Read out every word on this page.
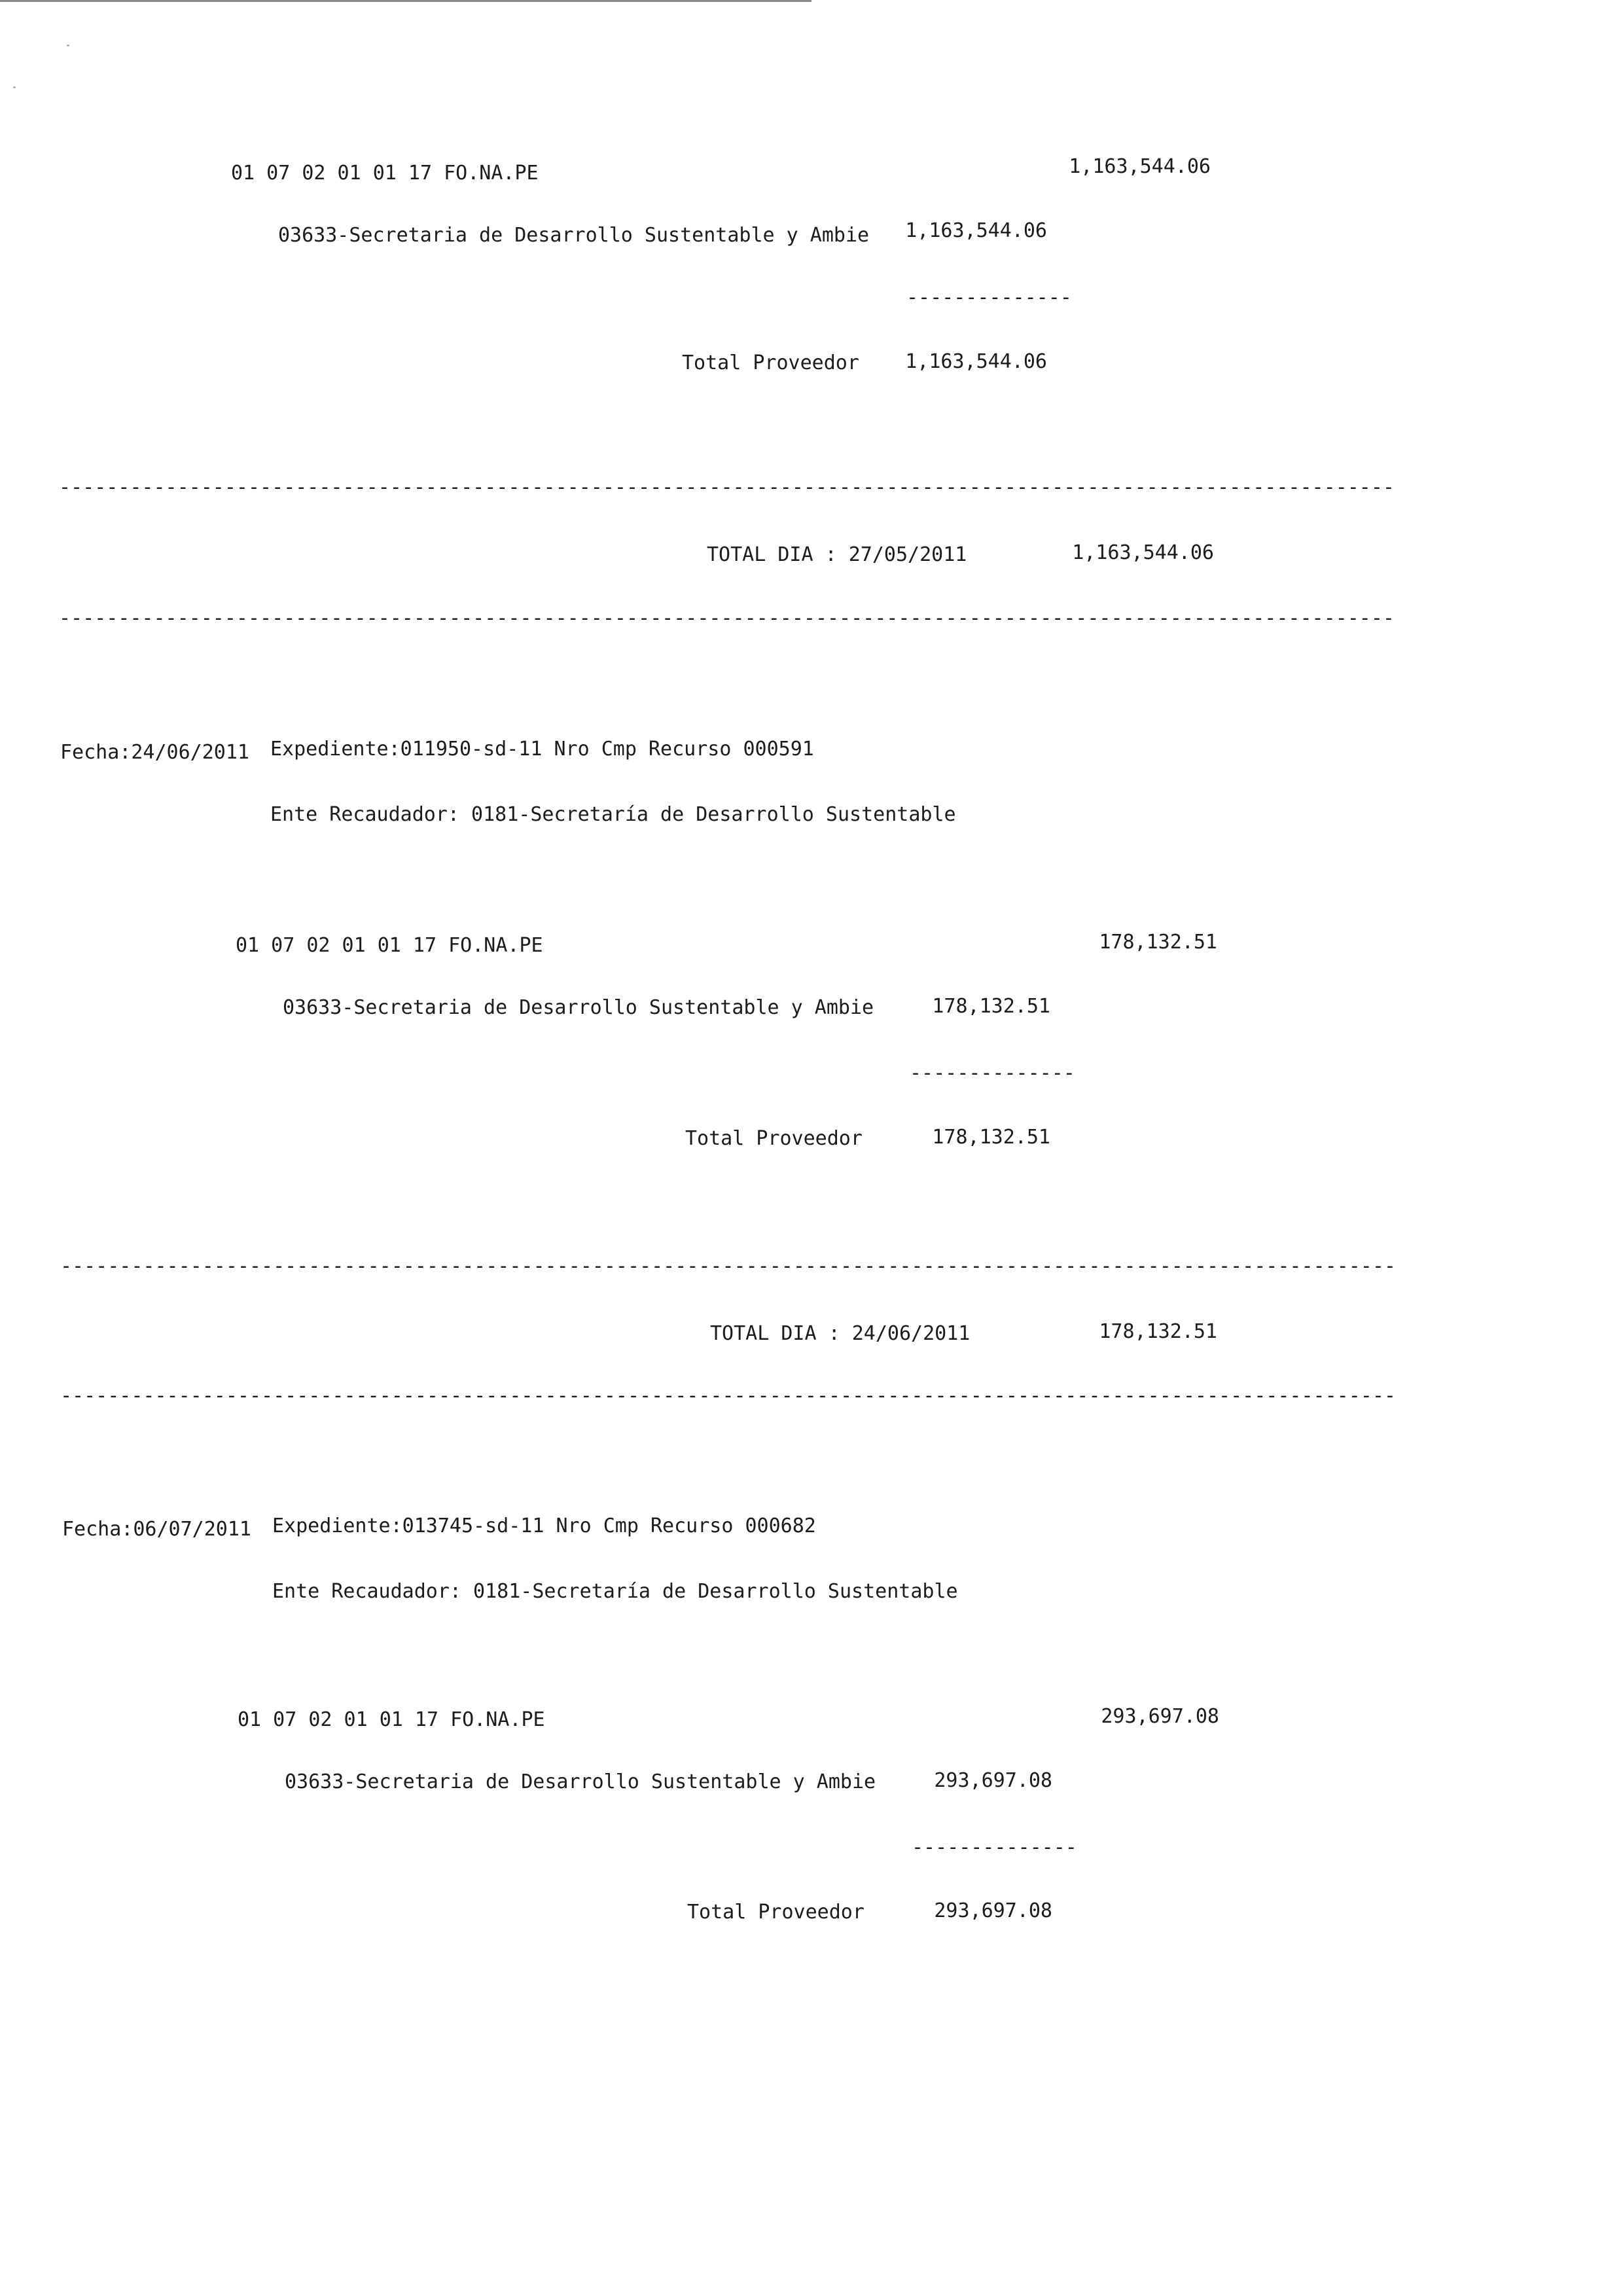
01 07 02 01 01 17 FO.NA.PE	1,163,544.06
03633-Secretaria de Desarrollo Sustentable y Ambie	1,163,544.06
--------------
Total Proveedor	1,163,544.06
-----------------------------------------------------------------------------------------------------------------
TOTAL DIA : 27/05/2011	1,163,544.06
-----------------------------------------------------------------------------------------------------------------
Fecha:24/06/2011 Expediente:011950-sd-11 Nro Cmp Recurso 000591
Ente Recaudador: 0181-Secretaría de Desarrollo Sustentable
01 07 02 01 01 17 FO.NA.PE	178,132.51
03633-Secretaria de Desarrollo Sustentable y Ambie	178,132.51
--------------
Total Proveedor	178,132.51
-----------------------------------------------------------------------------------------------------------------
TOTAL DIA : 24/06/2011	178,132.51
-----------------------------------------------------------------------------------------------------------------
Fecha:06/07/2011 Expediente:013745-sd-11 Nro Cmp Recurso 000682
Ente Recaudador: 0181-Secretaría de Desarrollo Sustentable
01 07 02 01 01 17 FO.NA.PE	293,697.08
03633-Secretaria de Desarrollo Sustentable y Ambie	293,697.08
--------------
Total Proveedor	293,697.08
